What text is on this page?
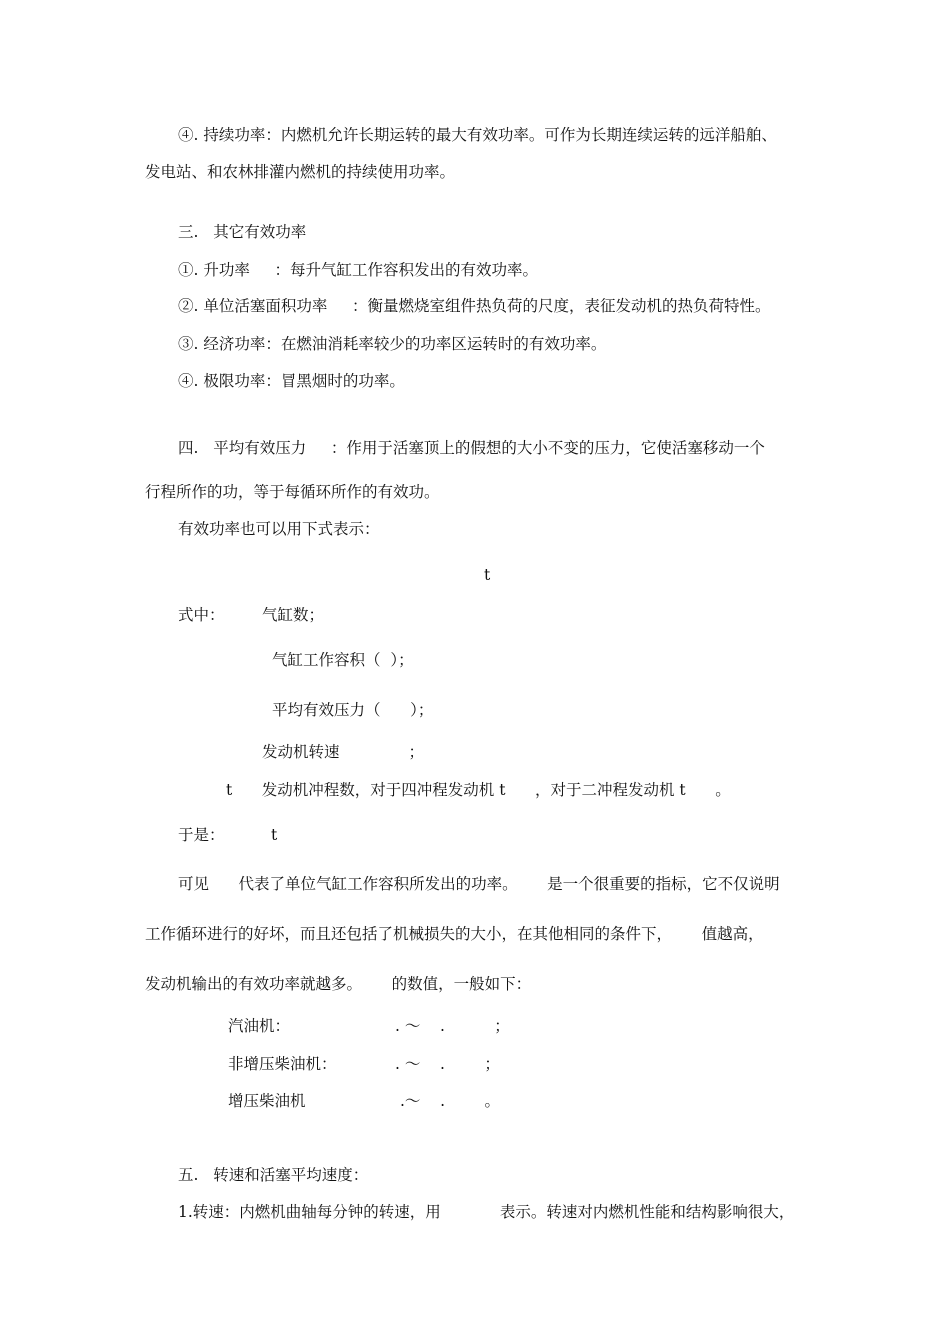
④. 持续功率：内燃机允许长期运转的最大有效功率。可作为长期连续运转的远洋船舶、
发电站、和农林排灌内燃机的持续使用功率。
三.   其它有效功率
①. 升功率     ：每升气缸工作容积发出的有效功率。
②. 单位活塞面积功率     ：衡量燃烧室组件热负荷的尺度，表征发动机的热负荷特性。
③. 经济功率：在燃油消耗率较少的功率区运转时的有效功率。
④. 极限功率：冒黑烟时的功率。
四.   平均有效压力     ：作用于活塞顶上的假想的大小不变的压力，它使活塞移动一个
行程所作的功，等于每循环所作的有效功。
有效功率也可以用下式表示：
t
式中： 气缸数；
气缸工作容积（  ）；
平均有效压力（      ）；
发动机转速              ；
t      发动机冲程数，对于四冲程发动机 t      ，对于二冲程发动机 t      。
于是：	t
可见      代表了单位气缸工作容积所发出的功率。      是一个很重要的指标，它不仅说明
工作循环进行的好坏，而且还包括了机械损失的大小，在其他相同的条件下，      值越高，
发动机输出的有效功率就越多。      的数值，一般如下：
汽油机：	. ～    .          ；
非增压柴油机：	. ～    .        ；
增压柴油机	.～    .        。
五.   转速和活塞平均速度：
1.转速：内燃机曲轴每分钟的转速，用            表示。转速对内燃机性能和结构影响很大，
